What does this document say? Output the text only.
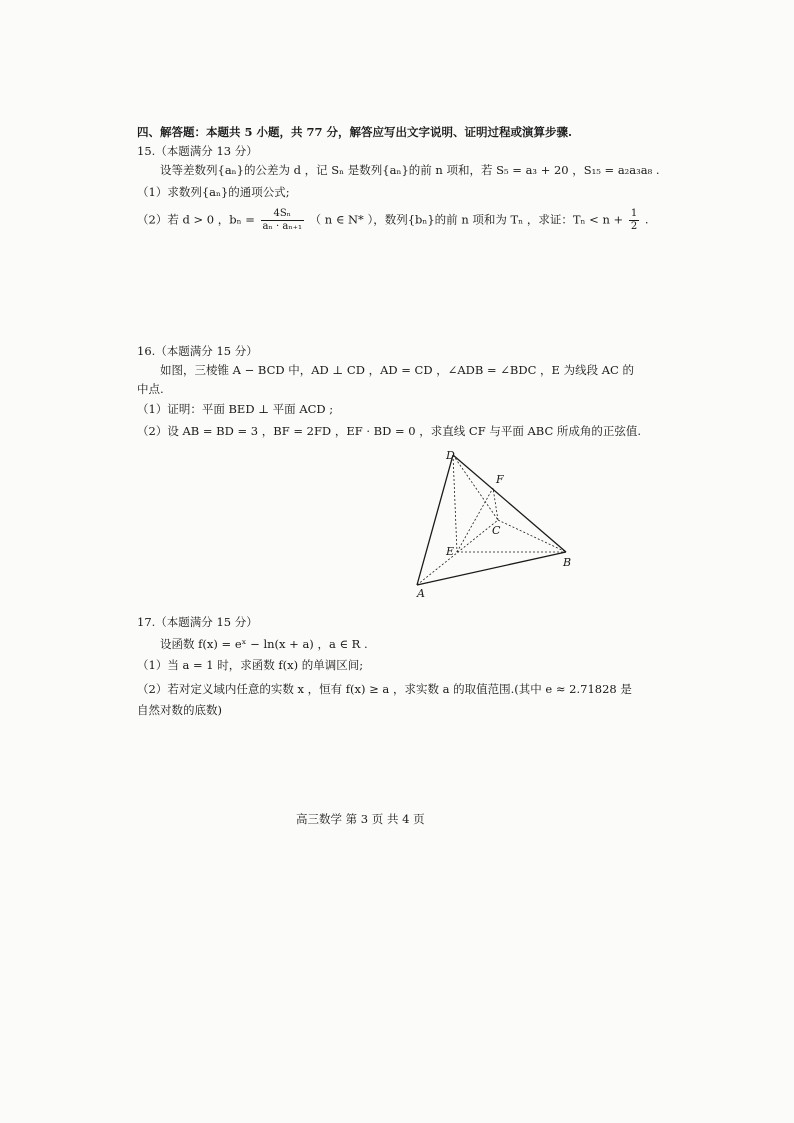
四、解答题：本题共 5 小题，共 77 分，解答应写出文字说明、证明过程或演算步骤.
15.（本题满分 13 分）
设等差数列{aₙ}的公差为 d ，记 Sₙ 是数列{aₙ}的前 n 项和，若 S₅ = a₃ + 20 ，S₁₅ = a₂a₃a₈ .
（1）求数列{aₙ}的通项公式;
（2）若 d > 0 ，$b_n = \frac{\text{4Sₙ}}{\text{aₙ · aₙ₊₁}}$ （ n ∈ N* ），数列{bₙ}的前 n 项和为 Tₙ ，求证：$T_n < n + \frac{1}{2}$ .
16.（本题满分 15 分）
如图，三棱锥 A − BCD 中，AD ⊥ CD ，AD = CD ，∠ADB = ∠BDC ，E 为线段 AC 的
中点.
（1）证明：平面 BED ⊥ 平面 ACD ;
（2）设 AB = BD = 3 ，BF = 2FD ，EF · BD = 0 ，求直线 CF 与平面 ABC 所成角的正弦值.
D
F
C
E
B
A
17.（本题满分 15 分）
设函数 f(x) = eˣ − ln(x + a) ，a ∈ R .
（1）当 a = 1 时，求函数 f(x) 的单调区间;
（2）若对定义域内任意的实数 x ，恒有 f(x) ≥ a ，求实数 a 的取值范围.(其中 e ≈ 2.71828 是
自然对数的底数)
高三数学 第 3 页 共 4 页
